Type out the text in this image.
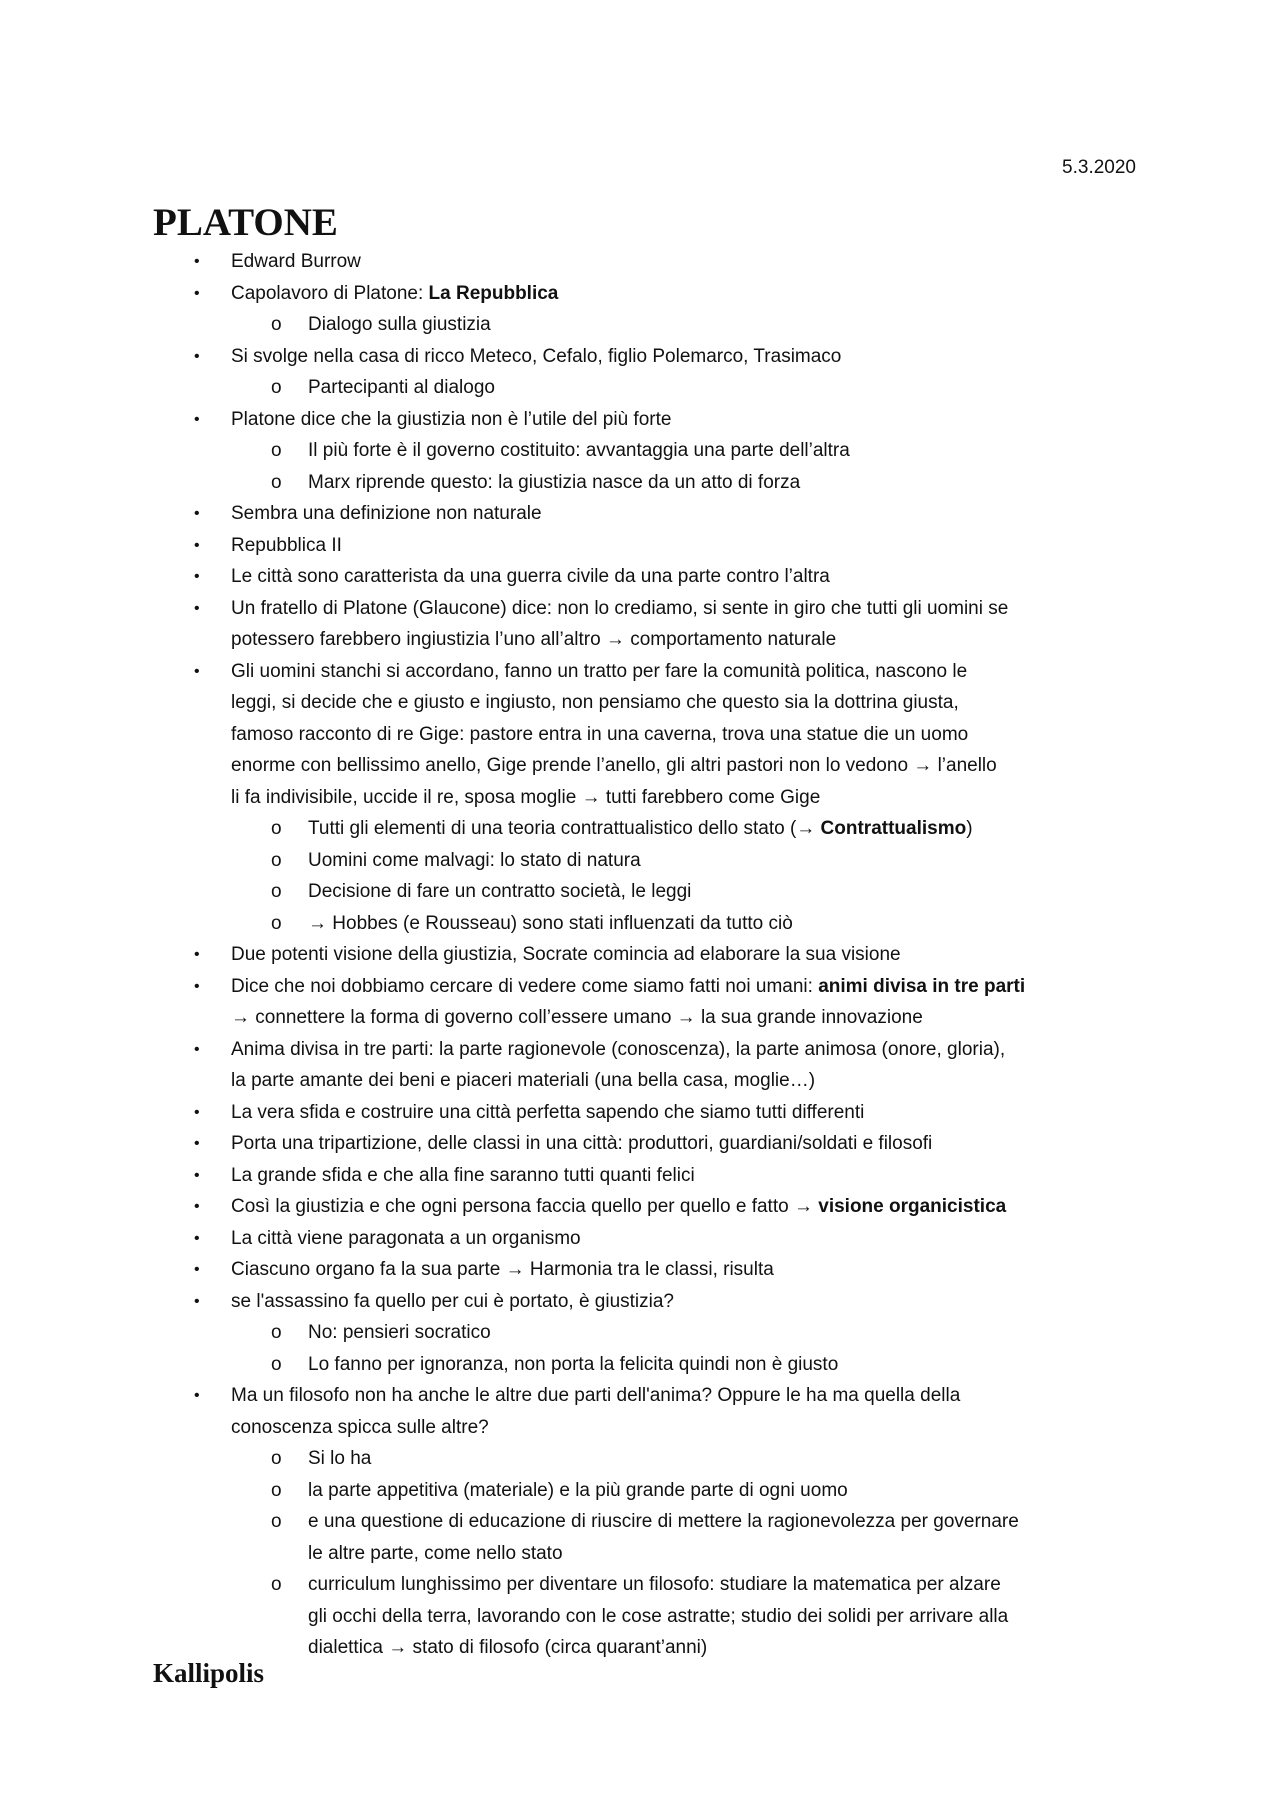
5.3.2020
PLATONE
• Edward Burrow
• Capolavoro di Platone: La Repubblica
o Dialogo sulla giustizia
• Si svolge nella casa di ricco Meteco, Cefalo, figlio Polemarco, Trasimaco
o Partecipanti al dialogo
• Platone dice che la giustizia non è l’utile del più forte
o Il più forte è il governo costituito: avvantaggia una parte dell’altra
o Marx riprende questo: la giustizia nasce da un atto di forza
• Sembra una definizione non naturale
• Repubblica II
• Le città sono caratterista da una guerra civile da una parte contro l’altra
• Un fratello di Platone (Glaucone) dice: non lo crediamo, si sente in giro che tutti gli uomini se
potessero farebbero ingiustizia l’uno all’altro → comportamento naturale
• Gli uomini stanchi si accordano, fanno un tratto per fare la comunità politica, nascono le
leggi, si decide che e giusto e ingiusto, non pensiamo che questo sia la dottrina giusta,
famoso racconto di re Gige: pastore entra in una caverna, trova una statue die un uomo
enorme con bellissimo anello, Gige prende l’anello, gli altri pastori non lo vedono → l’anello
li fa indivisibile, uccide il re, sposa moglie → tutti farebbero come Gige
o Tutti gli elementi di una teoria contrattualistico dello stato (→ Contrattualismo)
o Uomini come malvagi: lo stato di natura
o Decisione di fare un contratto società, le leggi
o → Hobbes (e Rousseau) sono stati influenzati da tutto ciò
• Due potenti visione della giustizia, Socrate comincia ad elaborare la sua visione
• Dice che noi dobbiamo cercare di vedere come siamo fatti noi umani: animi divisa in tre parti
→ connettere la forma di governo coll’essere umano → la sua grande innovazione
• Anima divisa in tre parti: la parte ragionevole (conoscenza), la parte animosa (onore, gloria),
la parte amante dei beni e piaceri materiali (una bella casa, moglie…)
• La vera sfida e costruire una città perfetta sapendo che siamo tutti differenti
• Porta una tripartizione, delle classi in una città: produttori, guardiani/soldati e filosofi
• La grande sfida e che alla fine saranno tutti quanti felici
• Così la giustizia e che ogni persona faccia quello per quello e fatto → visione organicistica
• La città viene paragonata a un organismo
• Ciascuno organo fa la sua parte → Harmonia tra le classi, risulta
• se l'assassino fa quello per cui è portato, è giustizia?
o No: pensieri socratico
o Lo fanno per ignoranza, non porta la felicita quindi non è giusto
• Ma un filosofo non ha anche le altre due parti dell'anima? Oppure le ha ma quella della
conoscenza spicca sulle altre?
o Si lo ha
o la parte appetitiva (materiale) e la più grande parte di ogni uomo
o e una questione di educazione di riuscire di mettere la ragionevolezza per governare
le altre parte, come nello stato
o curriculum lunghissimo per diventare un filosofo: studiare la matematica per alzare
gli occhi della terra, lavorando con le cose astratte; studio dei solidi per arrivare alla
dialettica → stato di filosofo (circa quarant’anni)
Kallipolis
